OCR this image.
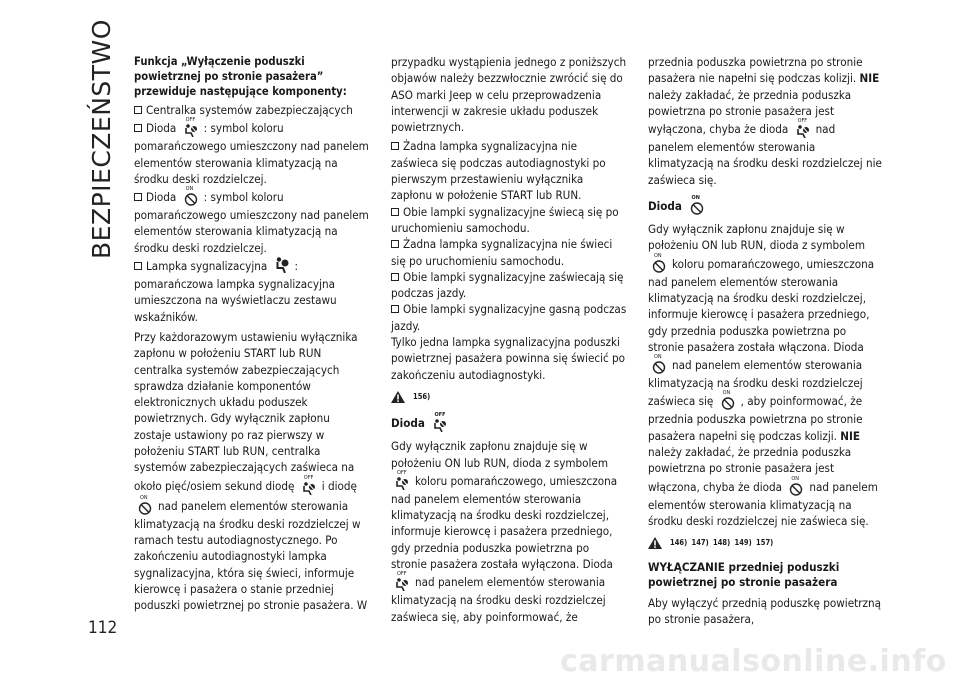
BEZPIECZEŃSTWO Funkcja „Wyłączenie poduszki powietrznej po stronie pasażera” przewiduje następujące komponenty:

Centralka systemów zabezpieczających

Dioda
OFF
: symbol koloru pomarańczowego umieszczony nad panelem elementów sterowania klimatyzacją na środku deski rozdzielczej.

Dioda
ON
: symbol koloru pomarańczowego umieszczony nad panelem elementów sterowania klimatyzacją na środku deski rozdzielczej.

Lampka sygnalizacyjna : pomarańczowa lampka sygnalizacyjna umieszczona na wyświetlaczu zestawu wskaźników.

Przy każdorazowym ustawieniu wyłącznika zapłonu w położeniu START lub RUN centralka systemów zabezpieczających sprawdza działanie komponentów elektronicznych układu poduszek powietrznych. Gdy wyłącznik zapłonu zostaje ustawiony po raz pierwszy w położeniu START lub RUN, centralka systemów zabezpieczających zaświeca na około pięć/osiem sekund diodę
OFF
i diodę
ON
nad panelem elementów sterowania klimatyzacją na środku deski rozdzielczej w ramach testu autodiagnostycznego. Po zakończeniu autodiagnostyki lampka sygnalizacyjna, która się świeci, informuje kierowcę i pasażera o stanie przedniej poduszki powietrznej po stronie pasażera. W

przypadku wystąpienia jednego z poniższych objawów należy bezzwłocznie zwrócić się do ASO marki Jeep w celu przeprowadzenia interwencji w zakresie układu poduszek powietrznych.

Żadna lampka sygnalizacyjna nie zaświeca się podczas autodiagnostyki po pierwszym przestawieniu wyłącznika zapłonu w położenie START lub RUN.

Obie lampki sygnalizacyjne świecą się po uruchomieniu samochodu.

Żadna lampka sygnalizacyjna nie świeci się po uruchomieniu samochodu.

Obie lampki sygnalizacyjne zaświecają się podczas jazdy.

Obie lampki sygnalizacyjne gasną podczas jazdy.

Tylko jedna lampka sygnalizacyjna poduszki powietrznej pasażera powinna się świecić po zakończeniu autodiagnostyki.

156)

Dioda
OFF

Gdy wyłącznik zapłonu znajduje się w położeniu ON lub RUN, dioda z symbolem
OFF
koloru pomarańczowego, umieszczona nad panelem elementów sterowania klimatyzacją na środku deski rozdzielczej, informuje kierowcę i pasażera przedniego, gdy przednia poduszka powietrzna po stronie pasażera została wyłączona. Dioda
OFF
nad panelem elementów sterowania klimatyzacją na środku deski rozdzielczej zaświeca się, aby poinformować, że

przednia poduszka powietrzna po stronie pasażera nie napełni się podczas kolizji. NIE należy zakładać, że przednia poduszka powietrzna po stronie pasażera jest wyłączona, chyba że dioda
OFF
nad panelem elementów sterowania klimatyzacją na środku deski rozdzielczej nie zaświeca się.

Dioda
ON

Gdy wyłącznik zapłonu znajduje się w położeniu ON lub RUN, dioda z symbolem
ON
koloru pomarańczowego, umieszczona nad panelem elementów sterowania klimatyzacją na środku deski rozdzielczej, informuje kierowcę i pasażera przedniego, gdy przednia poduszka powietrzna po stronie pasażera została włączona. Dioda
ON
nad panelem elementów sterowania klimatyzacją na środku deski rozdzielczej zaświeca się
ON
, aby poinformować, że przednia poduszka powietrzna po stronie pasażera napełni się podczas kolizji. NIE należy zakładać, że przednia poduszka powietrzna po stronie pasażera jest włączona, chyba że dioda
ON
nad panelem elementów sterowania klimatyzacją na środku deski rozdzielczej nie zaświeca się.

146) 147) 148) 149) 157)

WYŁĄCZANIE przedniej poduszki powietrznej po stronie pasażera

Aby wyłączyć przednią poduszkę powietrzną po stronie pasażera,

112
carmanualsonline.info
